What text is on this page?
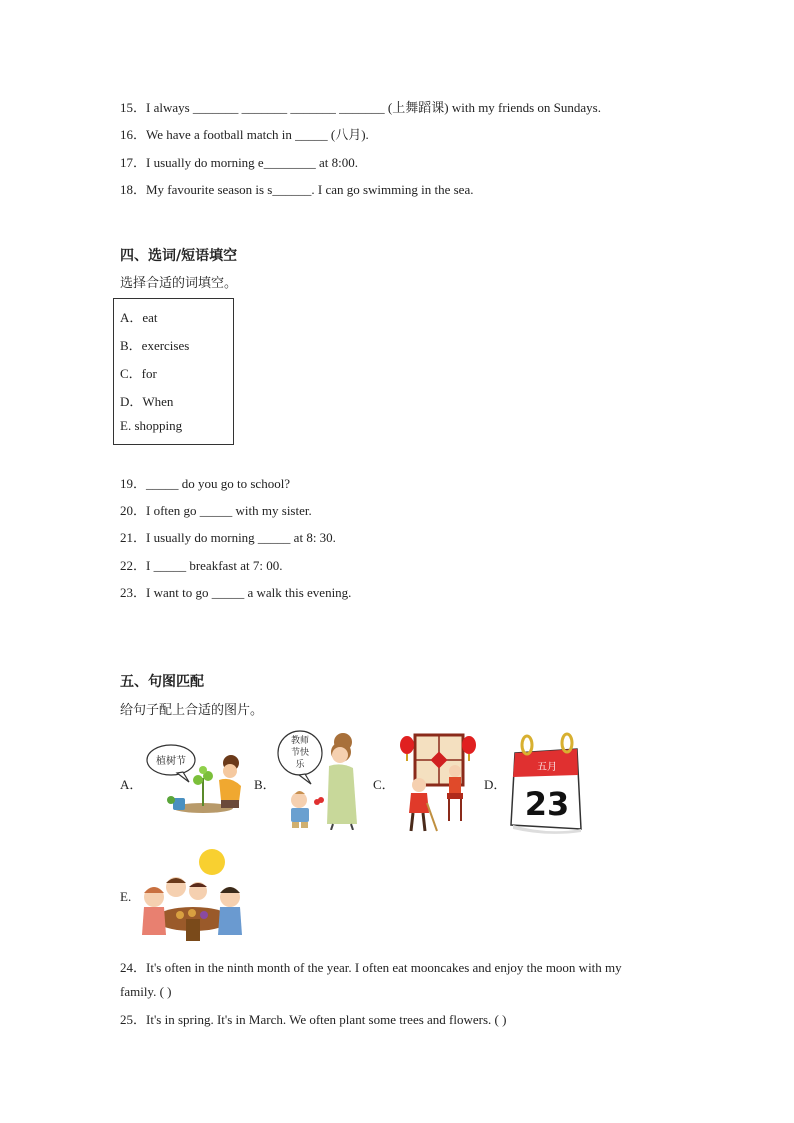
15．I always _______ _______ _______ _______ (上舞蹈课) with my friends on Sundays.
16．We have a football match in _____ (八月).
17．I usually do morning e________ at 8:00.
18．My favourite season is s______. I can go swimming in the sea.
四、选词/短语填空
选择合适的词填空。
A．eat
B．exercises
C．for
D．When
E. shopping
19．_____ do you go to school?
20．I often go _____ with my sister.
21．I usually do morning _____ at 8: 30.
22．I _____ breakfast at 7: 00.
23．I want to go _____ a walk this evening.
五、句图匹配
给句子配上合适的图片。
A．
植树节
B．
教师
节快
乐
C．	D．
五月
23
E.
24．It's often in the ninth month of the year. I often eat mooncakes and enjoy the moon with my
family. ( )
25．It's in spring. It's in March. We often plant some trees and flowers. ( )
